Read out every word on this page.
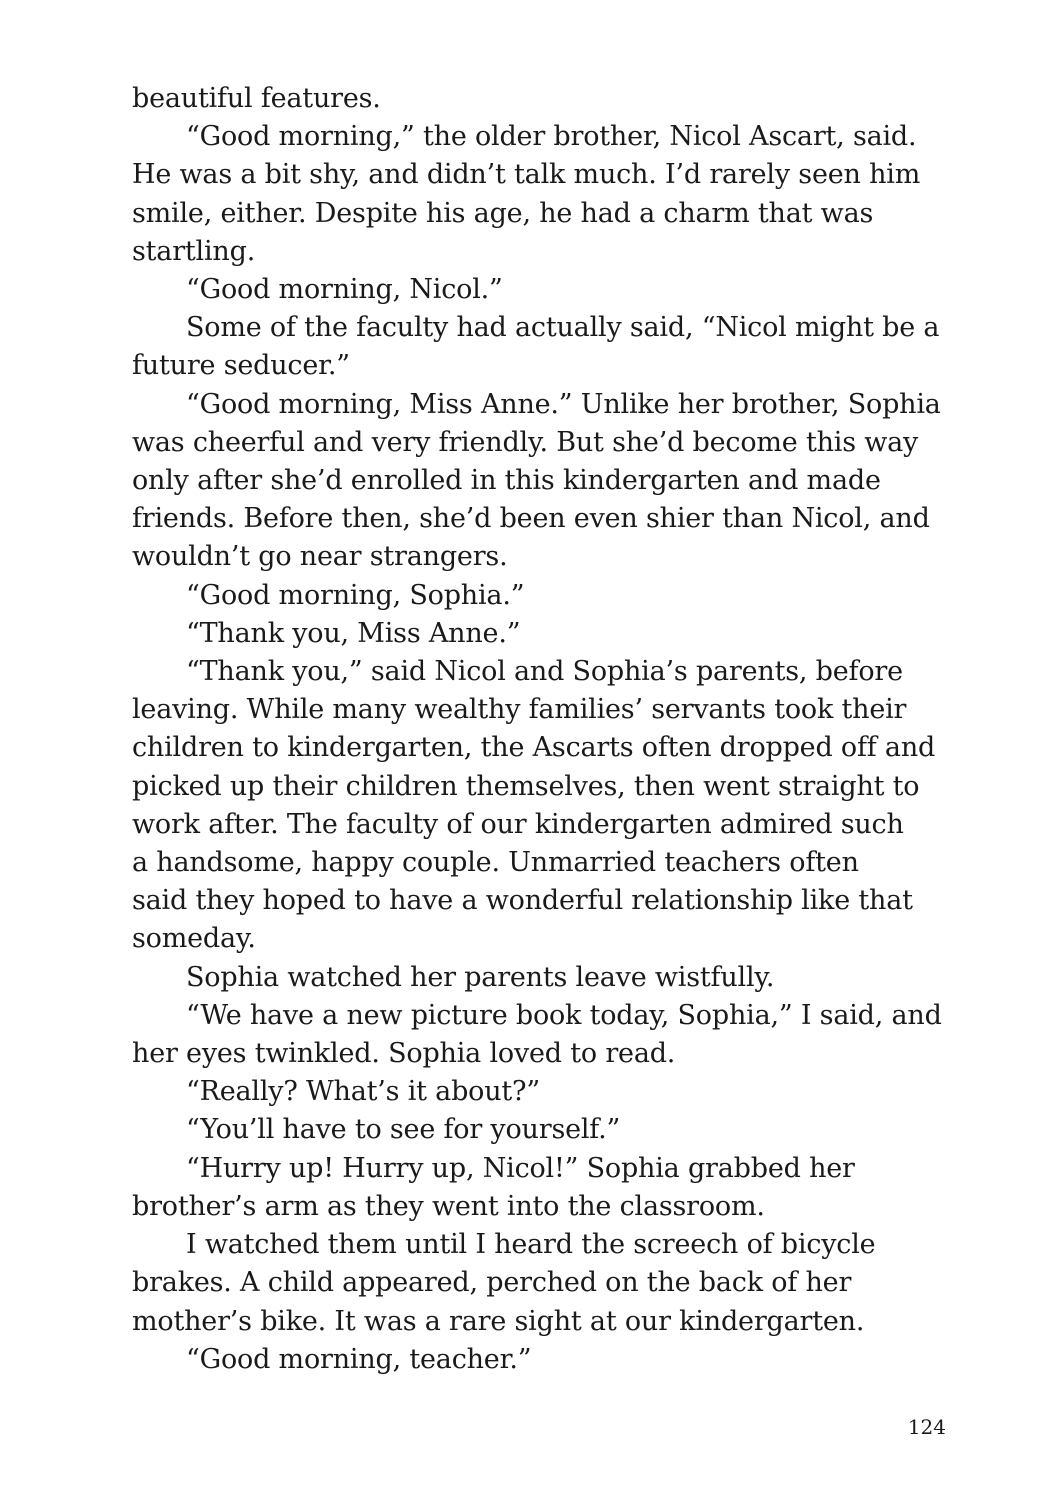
beautiful features.

“Good morning,” the older brother, Nicol Ascart, said.
He was a bit shy, and didn’t talk much. I’d rarely seen him
smile, either. Despite his age, he had a charm that was
startling.

“Good morning, Nicol.”

Some of the faculty had actually said, “Nicol might be a
future seducer.”

“Good morning, Miss Anne.” Unlike her brother, Sophia
was cheerful and very friendly. But she’d become this way
only after she’d enrolled in this kindergarten and made
friends. Before then, she’d been even shier than Nicol, and
wouldn’t go near strangers.

“Good morning, Sophia.”

“Thank you, Miss Anne.”

“Thank you,” said Nicol and Sophia’s parents, before
leaving. While many wealthy families’ servants took their
children to kindergarten, the Ascarts often dropped off and
picked up their children themselves, then went straight to
work after. The faculty of our kindergarten admired such
a handsome, happy couple. Unmarried teachers often
said they hoped to have a wonderful relationship like that
someday.

Sophia watched her parents leave wistfully.

“We have a new picture book today, Sophia,” I said, and
her eyes twinkled. Sophia loved to read.

“Really? What’s it about?”

“You’ll have to see for yourself.”

“Hurry up! Hurry up, Nicol!” Sophia grabbed her
brother’s arm as they went into the classroom.

I watched them until I heard the screech of bicycle
brakes. A child appeared, perched on the back of her
mother’s bike. It was a rare sight at our kindergarten.

“Good morning, teacher.”

124
